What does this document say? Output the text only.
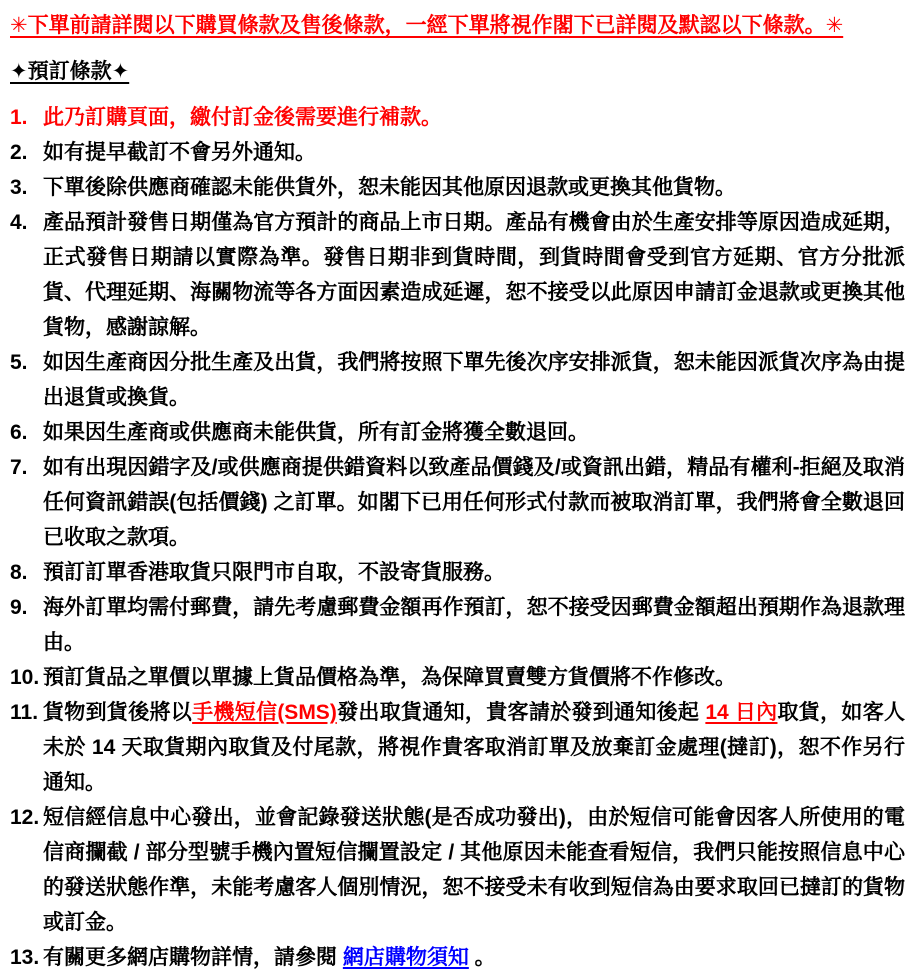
✳下單前請詳閱以下購買條款及售後條款，一經下單將視作閣下已詳閱及默認以下條款。✳

✦預訂條款✦
1. 此乃訂購頁面，繳付訂金後需要進行補款。
2. 如有提早截訂不會另外通知。
3. 下單後除供應商確認未能供貨外，恕未能因其他原因退款或更換其他貨物。
4. 產品預計發售日期僅為官方預計的商品上市日期。產品有機會由於生產安排等原因造成延期，正式發售日期請以實際為準。發售日期非到貨時間，到貨時間會受到官方延期、官方分批派貨、代理延期、海關物流等各方面因素造成延遲，恕不接受以此原因申請訂金退款或更換其他貨物，感謝諒解。
5. 如因生產商因分批生產及出貨，我們將按照下單先後次序安排派貨，恕未能因派貨次序為由提出退貨或換貨。
6. 如果因生產商或供應商未能供貨，所有訂金將獲全數退回。
7. 如有出現因錯字及/或供應商提供錯資料以致產品價錢及/或資訊出錯，精品有權利-拒絕及取消任何資訊錯誤(包括價錢) 之訂單。如閣下已用任何形式付款而被取消訂單，我們將會全數退回已收取之款項。
8. 預訂訂單香港取貨只限門市自取，不設寄貨服務。
9. 海外訂單均需付郵費，請先考慮郵費金額再作預訂，恕不接受因郵費金額超出預期作為退款理由。
10. 預訂貨品之單價以單據上貨品價格為準，為保障買賣雙方貨價將不作修改。
11. 貨物到貨後將以手機短信(SMS)發出取貨通知，貴客請於發到通知後起 14 日內取貨，如客人未於 14 天取貨期內取貨及付尾款，將視作貴客取消訂單及放棄訂金處理(撻訂)，恕不作另行通知。
12. 短信經信息中心發出，並會記錄發送狀態(是否成功發出)，由於短信可能會因客人所使用的電信商攔截 / 部分型號手機內置短信攔置設定 / 其他原因未能查看短信，我們只能按照信息中心的發送狀態作準，未能考慮客人個別情況，恕不接受未有收到短信為由要求取回已撻訂的貨物或訂金。
13. 有關更多網店購物詳情，請參閱 網店購物須知 。
